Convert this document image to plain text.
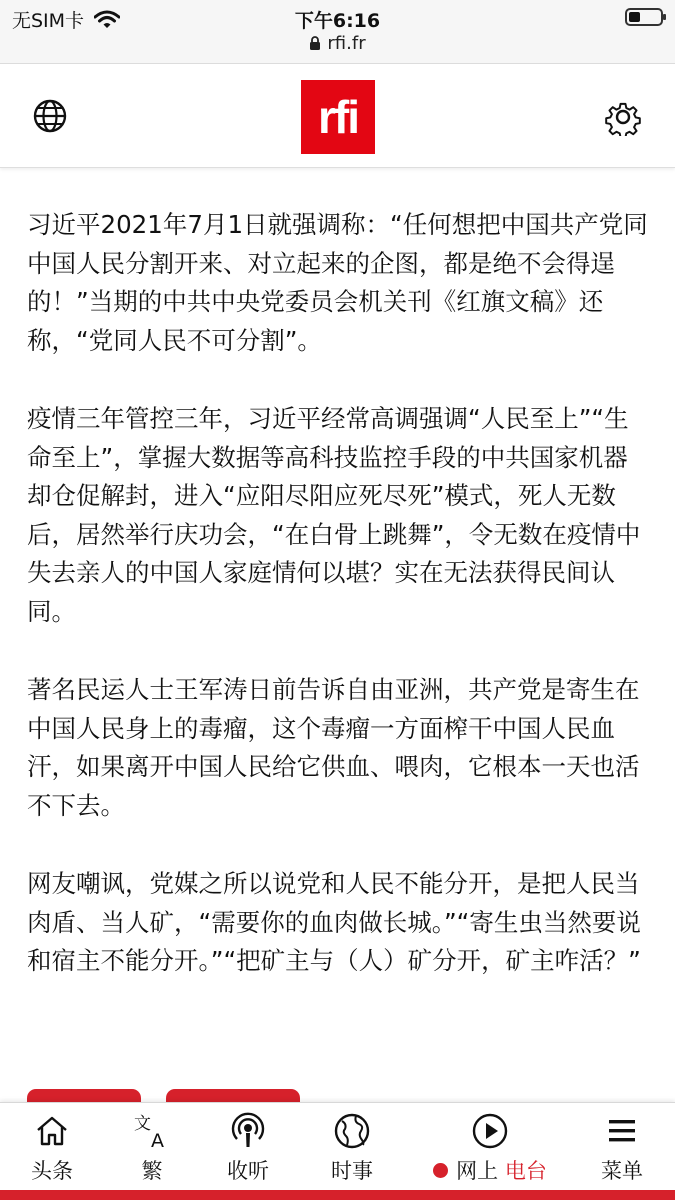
无SIM卡	下午6:16
rfi.fr
rfi

习近平2021年7月1日就强调称：“任何想把中国共产党同中国人民分割开来、对立起来的企图，都是绝不会得逞的！”当期的中共中央党委员会机关刊《红旗文稿》还称，“党同人民不可分割”。

疫情三年管控三年，习近平经常高调强调“人民至上”“生命至上”，掌握大数据等高科技监控手段的中共国家机器却仓促解封，进入“应阳尽阳应死尽死”模式，死人无数后，居然举行庆功会，“在白骨上跳舞”，令无数在疫情中失去亲人的中国人家庭情何以堪？实在无法获得民间认同。

著名民运人士王军涛日前告诉自由亚洲，共产党是寄生在中国人民身上的毒瘤，这个毒瘤一方面榨干中国人民血汗，如果离开中国人民给它供血、喂肉，它根本一天也活不下去。

网友嘲讽，党媒之所以说党和人民不能分开，是把人民当肉盾、当人矿，“需要你的血肉做长城。”“寄生虫当然要说和宿主不能分开。”“把矿主与（人）矿分开，矿主咋活？”

头条
文
A
繁	收听	时事	网上 电台	菜单
